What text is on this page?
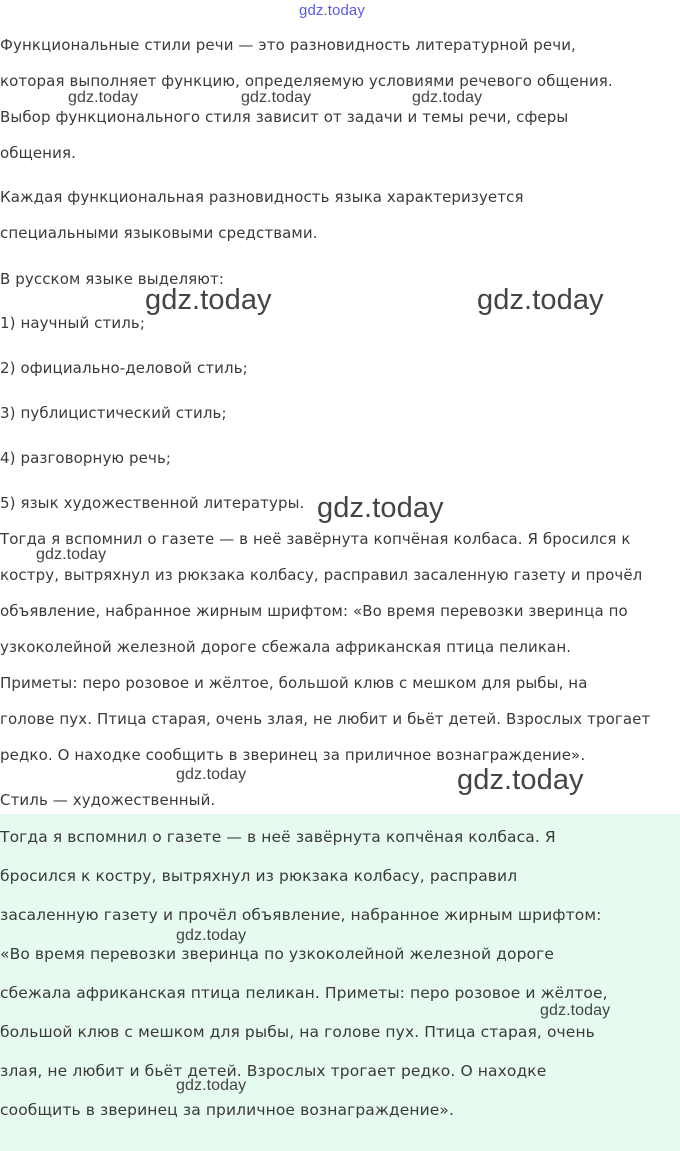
gdz.today
Функциональные стили речи — это разновидность литературной речи,
которая выполняет функцию, определяемую условиями речевого общения.
Выбор функционального стиля зависит от задачи и темы речи, сферы
общения.
Каждая функциональная разновидность языка характеризуется
специальными языковыми средствами.
В русском языке выделяют:
1) научный стиль;
2) официально-деловой стиль;
3) публицистический стиль;
4) разговорную речь;
5) язык художественной литературы.
Тогда я вспомнил о газете — в неё завёрнута копчёная колбаса. Я бросился к
костру, вытряхнул из рюкзака колбасу, расправил засаленную газету и прочёл
объявление, набранное жирным шрифтом: «Во время перевозки зверинца по
узкоколейной железной дороге сбежала африканская птица пеликан.
Приметы: перо розовое и жёлтое, большой клюв с мешком для рыбы, на
голове пух. Птица старая, очень злая, не любит и бьёт детей. Взрослых трогает
редко. О находке сообщить в зверинец за приличное вознаграждение».
Стиль — художественный.
Тогда я вспомнил о газете — в неё завёрнута копчёная колбаса. Я
бросился к костру, вытряхнул из рюкзака колбасу, расправил
засаленную газету и прочёл объявление, набранное жирным шрифтом:
«Во время перевозки зверинца по узкоколейной железной дороге
сбежала африканская птица пеликан. Приметы: перо розовое и жёлтое,
большой клюв с мешком для рыбы, на голове пух. Птица старая, очень
злая, не любит и бьёт детей. Взрослых трогает редко. О находке
сообщить в зверинец за приличное вознаграждение».
gdz.today	gdz.today	gdz.today
gdz.today	gdz.today
gdz.today
gdz.today
gdz.today	gdz.today
gdz.today
gdz.today
gdz.today
